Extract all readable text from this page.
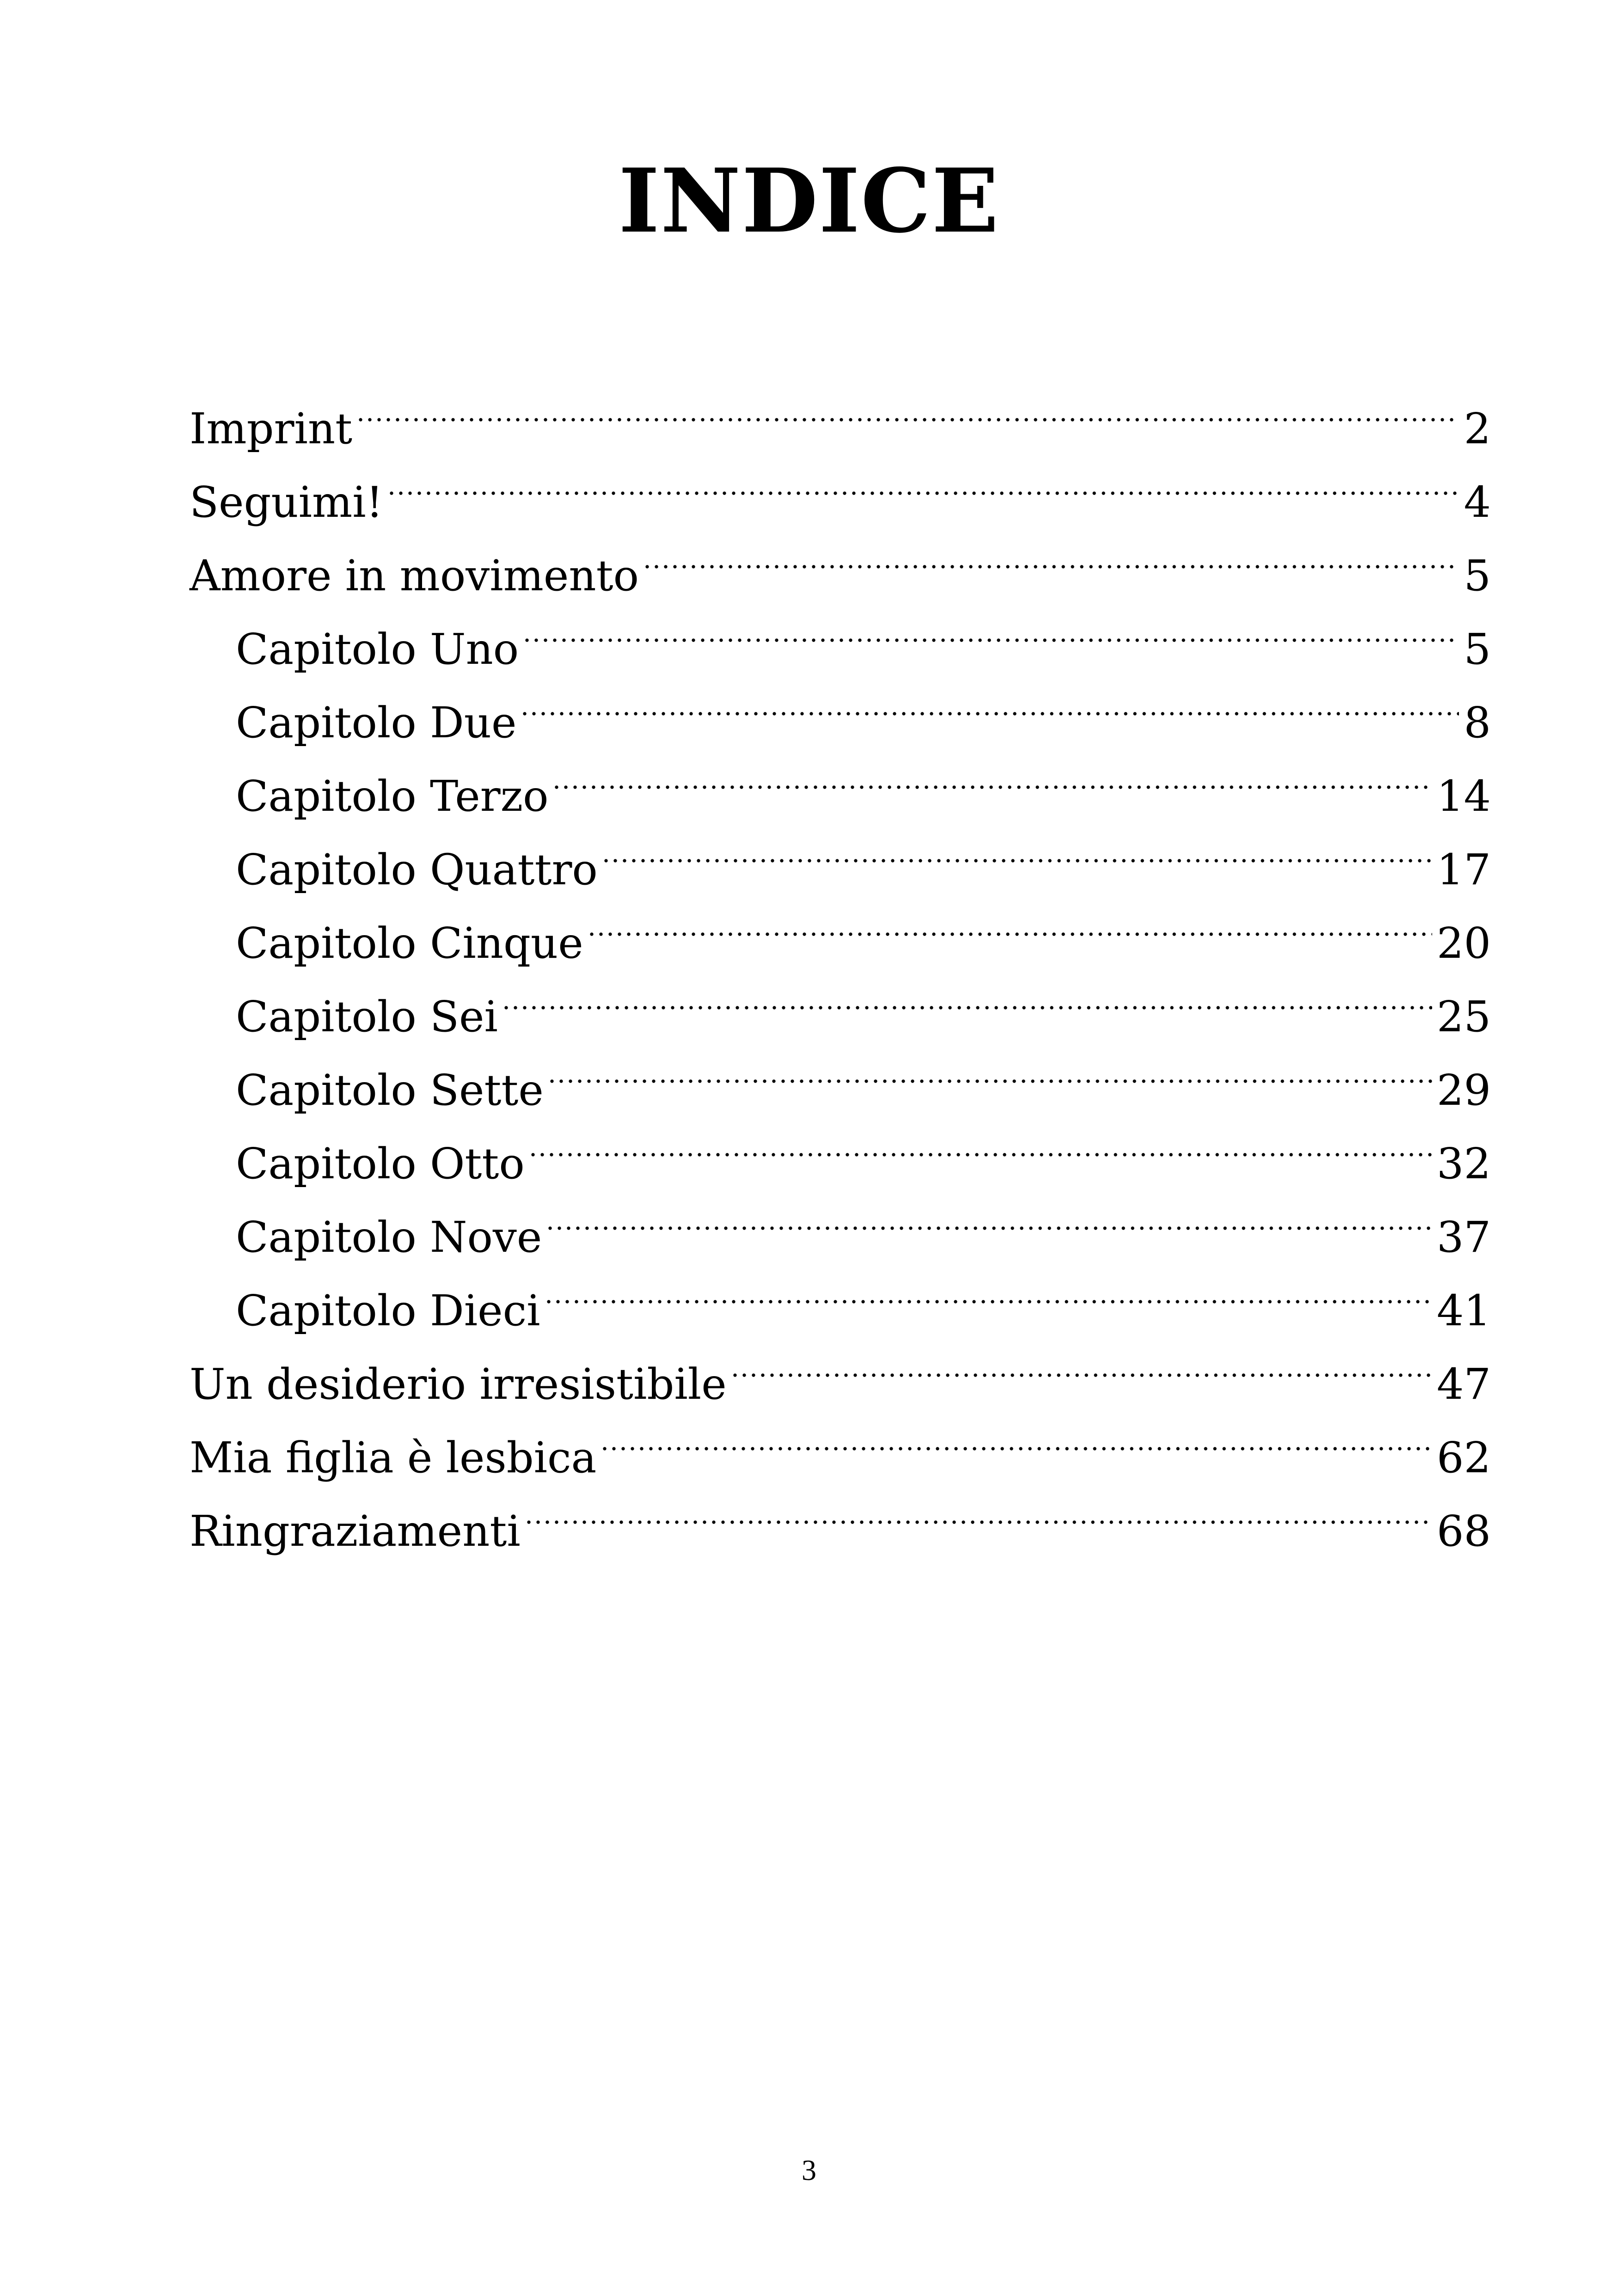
INDICE
Imprint	2
Seguimi!	4
Amore in movimento	5
Capitolo Uno	5
Capitolo Due	8
Capitolo Terzo	14
Capitolo Quattro	17
Capitolo Cinque	20
Capitolo Sei	25
Capitolo Sette	29
Capitolo Otto	32
Capitolo Nove	37
Capitolo Dieci	41
Un desiderio irresistibile	47
Mia figlia è lesbica	62
Ringraziamenti	68
3
